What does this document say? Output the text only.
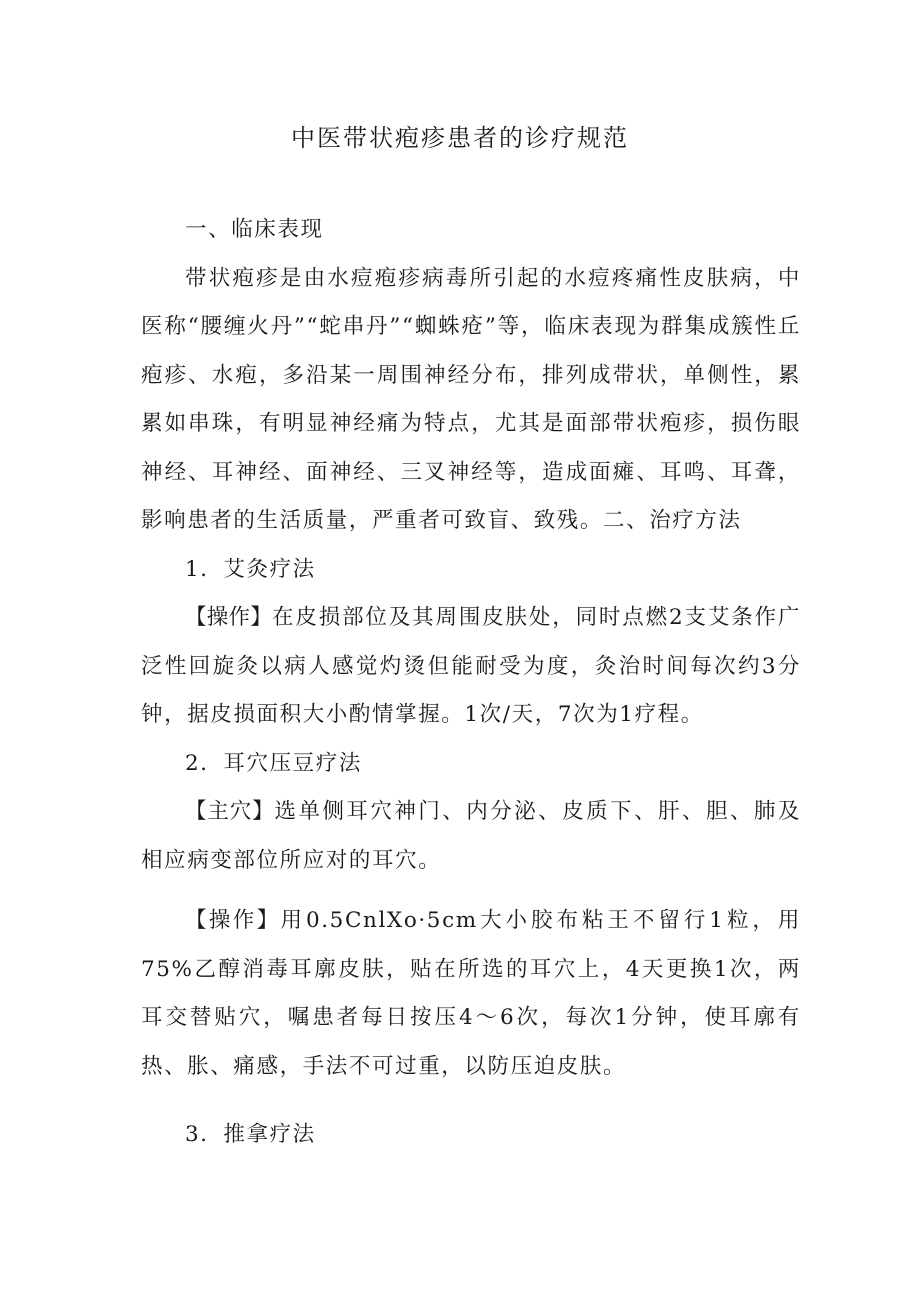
中医带状疱疹患者的诊疗规范

一、临床表现

带状疱疹是由水痘疱疹病毒所引起的水痘疼痛性皮肤病，中医称“腰缠火丹”“蛇串丹”“蜘蛛疮”等，临床表现为群集成簇性丘疱疹、水疱，多沿某一周围神经分布，排列成带状，单侧性，累累如串珠，有明显神经痛为特点，尤其是面部带状疱疹，损伤眼神经、耳神经、面神经、三叉神经等，造成面瘫、耳鸣、耳聋，影响患者的生活质量，严重者可致盲、致残。二、治疗方法

1．艾灸疗法

【操作】在皮损部位及其周围皮肤处，同时点燃2支艾条作广泛性回旋灸以病人感觉灼烫但能耐受为度，灸治时间每次约3分钟，据皮损面积大小酌情掌握。1次/天，7次为1疗程。

2．耳穴压豆疗法

【主穴】选单侧耳穴神门、内分泌、皮质下、肝、胆、肺及相应病变部位所应对的耳穴。

【操作】用0.5CnlXo·5cm大小胶布粘王不留行1粒，用75%乙醇消毒耳廓皮肤，贴在所选的耳穴上，4天更换1次，两耳交替贴穴，嘱患者每日按压4～6次，每次1分钟，使耳廓有热、胀、痛感，手法不可过重，以防压迫皮肤。

3．推拿疗法
